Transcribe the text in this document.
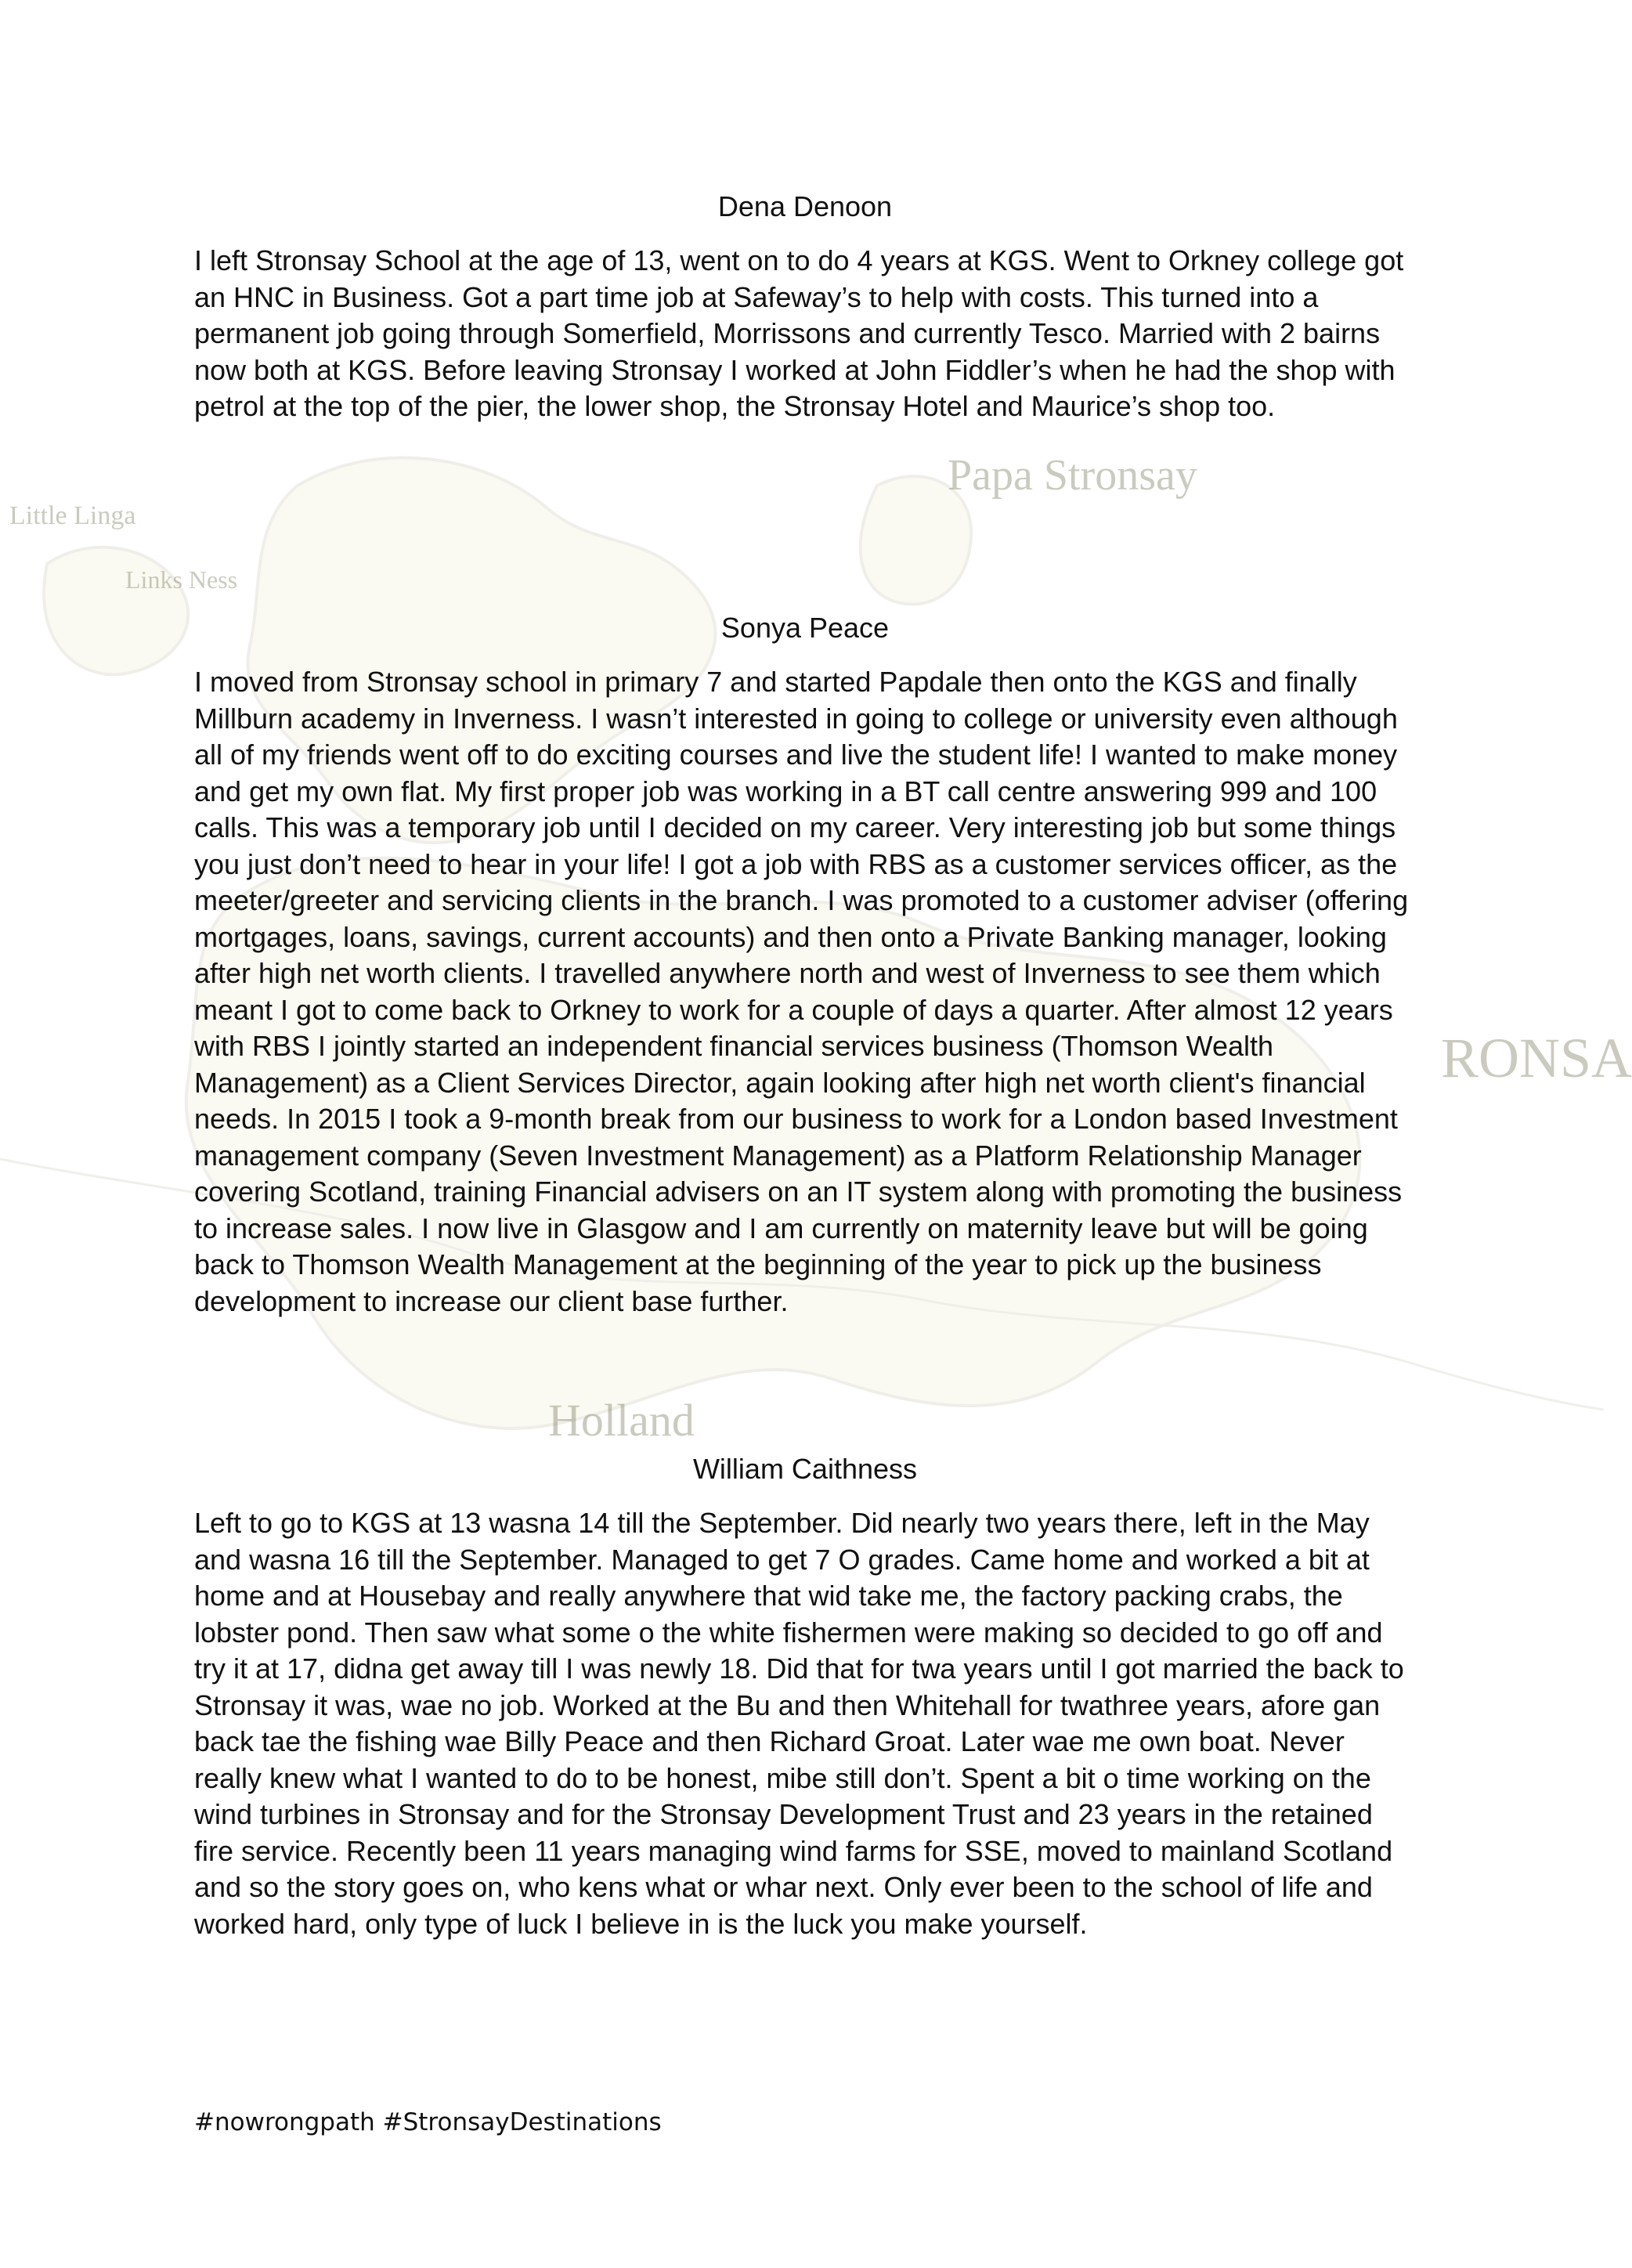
Papa Stronsay
Holland
RONSA
Little Linga
Links Ness
Dena Denoon

I left Stronsay School at the age of 13, went on to do 4 years at KGS. Went to Orkney college got an HNC in Business. Got a part time job at Safeway’s to help with costs. This turned into a permanent job going through Somerfield, Morrissons and currently Tesco. Married with 2 bairns now both at KGS. Before leaving Stronsay I worked at John Fiddler’s when he had the shop with petrol at the top of the pier, the lower shop, the Stronsay Hotel and Maurice’s shop too.

Sonya Peace

I moved from Stronsay school in primary 7 and started Papdale then onto the KGS and finally Millburn academy in Inverness. I wasn’t interested in going to college or university even although all of my friends went off to do exciting courses and live the student life! I wanted to make money and get my own flat. My first proper job was working in a BT call centre answering 999 and 100 calls. This was a temporary job until I decided on my career. Very interesting job but some things you just don’t need to hear in your life! I got a job with RBS as a customer services officer, as the meeter/greeter and servicing clients in the branch. I was promoted to a customer adviser (offering mortgages, loans, savings, current accounts) and then onto a Private Banking manager, looking after high net worth clients. I travelled anywhere north and west of Inverness to see them which meant I got to come back to Orkney to work for a couple of days a quarter. After almost 12 years with RBS I jointly started an independent financial services business (Thomson Wealth Management) as a Client Services Director, again looking after high net worth client's financial needs. In 2015 I took a 9-month break from our business to work for a London based Investment management company (Seven Investment Management) as a Platform Relationship Manager covering Scotland, training Financial advisers on an IT system along with promoting the business to increase sales. I now live in Glasgow and I am currently on maternity leave but will be going back to Thomson Wealth Management at the beginning of the year to pick up the business development to increase our client base further.

William Caithness

Left to go to KGS at 13 wasna 14 till the September. Did nearly two years there, left in the May and wasna 16 till the September. Managed to get 7 O grades. Came home and worked a bit at home and at Housebay and really anywhere that wid take me, the factory packing crabs, the lobster pond. Then saw what some o the white fishermen were making so decided to go off and try it at 17, didna get away till I was newly 18. Did that for twa years until I got married the back to Stronsay it was, wae no job. Worked at the Bu and then Whitehall for twathree years, afore gan back tae the fishing wae Billy Peace and then Richard Groat. Later wae me own boat. Never really knew what I wanted to do to be honest, mibe still don’t. Spent a bit o time working on the wind turbines in Stronsay and for the Stronsay Development Trust and 23 years in the retained fire service. Recently been 11 years managing wind farms for SSE, moved to mainland Scotland and so the story goes on, who kens what or whar next. Only ever been to the school of life and worked hard, only type of luck I believe in is the luck you make yourself.

#nowrongpath #StronsayDestinations
